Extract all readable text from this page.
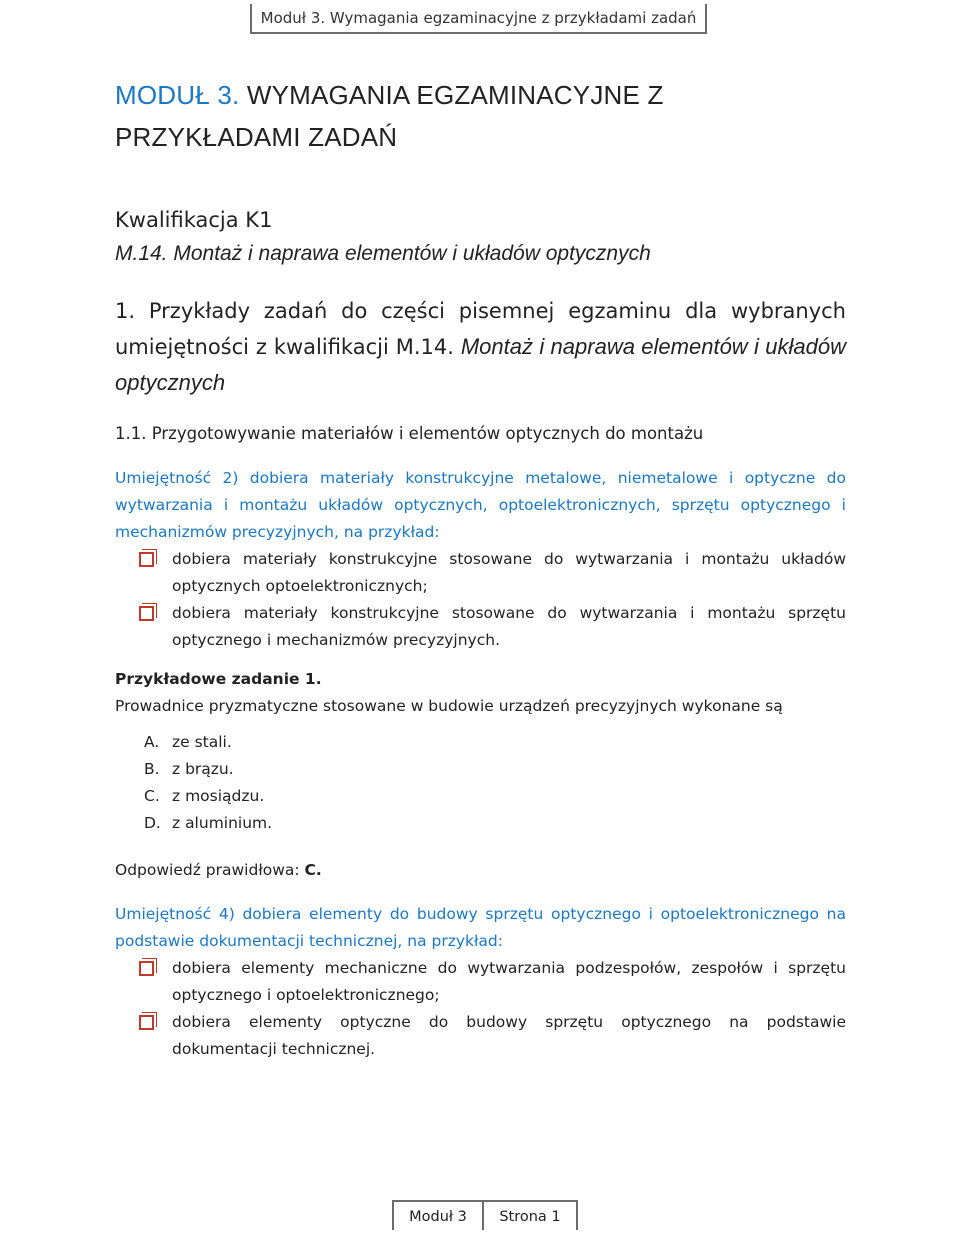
Moduł 3. Wymagania egzaminacyjne z przykładami zadań
MODUŁ 3. WYMAGANIA EGZAMINACYJNE Z PRZYKŁADAMI ZADAŃ
Kwalifikacja K1
M.14. Montaż i naprawa elementów i układów optycznych
1. Przykłady zadań do części pisemnej egzaminu dla wybranych umiejętności z kwalifikacji M.14. Montaż i naprawa elementów i układów optycznych
1.1. Przygotowywanie materiałów i elementów optycznych do montażu
Umiejętność 2) dobiera materiały konstrukcyjne metalowe, niemetalowe i optyczne do wytwarzania i montażu układów optycznych, optoelektronicznych, sprzętu optycznego i mechanizmów precyzyjnych, na przykład:
dobiera materiały konstrukcyjne stosowane do wytwarzania i montażu układów optycznych optoelektronicznych;
dobiera materiały konstrukcyjne stosowane do wytwarzania i montażu sprzętu optycznego i mechanizmów precyzyjnych.
Przykładowe zadanie 1.
Prowadnice pryzmatyczne stosowane w budowie urządzeń precyzyjnych wykonane są
A. ze stali.
B. z brązu.
C. z mosiądzu.
D. z aluminium.
Odpowiedź prawidłowa: C.
Umiejętność 4) dobiera elementy do budowy sprzętu optycznego i optoelektronicznego na podstawie dokumentacji technicznej, na przykład:
dobiera elementy mechaniczne do wytwarzania podzespołów, zespołów i sprzętu optycznego i optoelektronicznego;
dobiera elementy optyczne do budowy sprzętu optycznego na podstawie dokumentacji technicznej.
Moduł 3	Strona 1
